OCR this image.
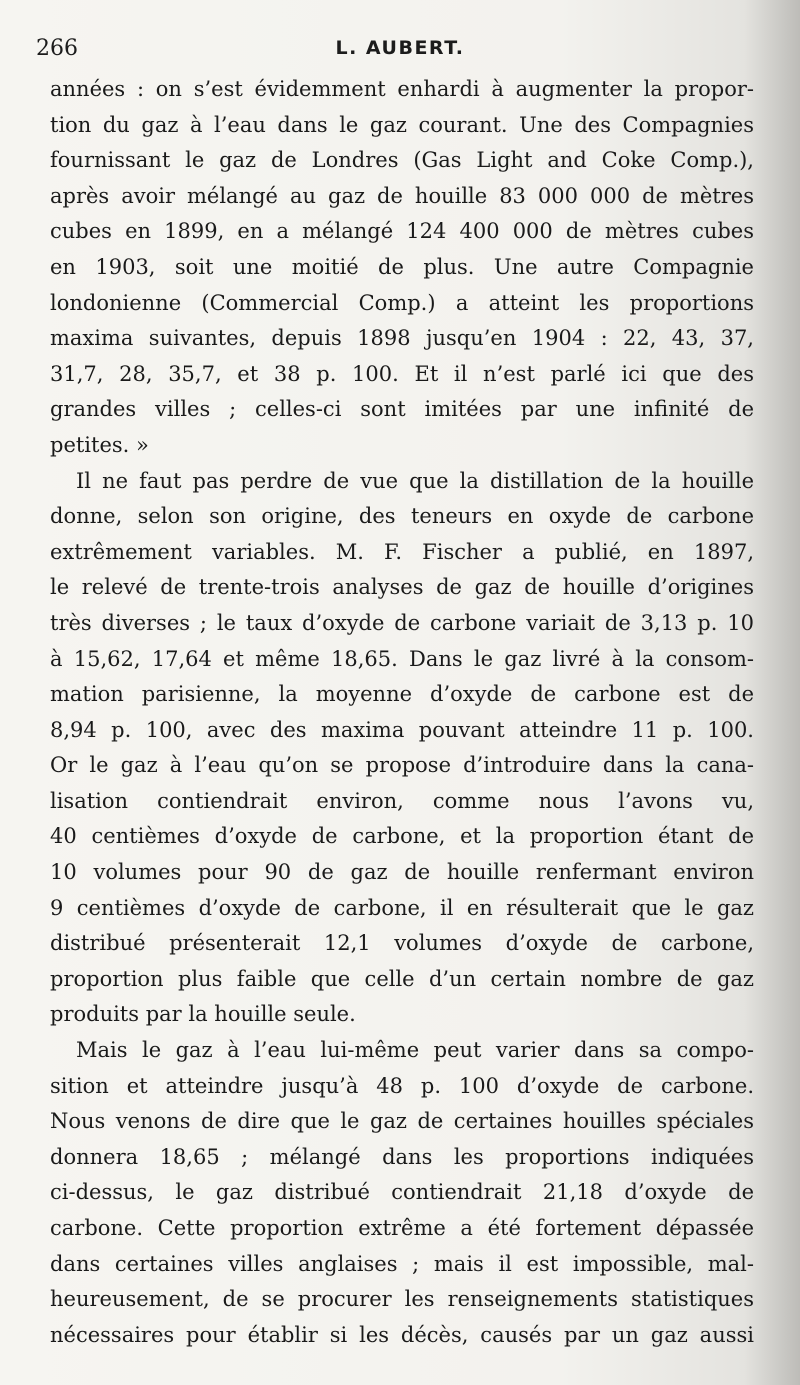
266	L. AUBERT.
années : on s’est évidemment enhardi à augmenter la propor-
tion du gaz à l’eau dans le gaz courant. Une des Compagnies
fournissant le gaz de Londres (Gas Light and Coke Comp.),
après avoir mélangé au gaz de houille 83 000 000 de mètres
cubes en 1899, en a mélangé 124 400 000 de mètres cubes
en 1903, soit une moitié de plus. Une autre Compagnie
londonienne (Commercial Comp.) a atteint les proportions
maxima suivantes, depuis 1898 jusqu’en 1904 : 22, 43, 37,
31,7, 28, 35,7, et 38 p. 100. Et il n’est parlé ici que des
grandes villes ; celles-ci sont imitées par une infinité de
petites. »
Il ne faut pas perdre de vue que la distillation de la houille
donne, selon son origine, des teneurs en oxyde de carbone
extrêmement variables. M. F. Fischer a publié, en 1897,
le relevé de trente-trois analyses de gaz de houille d’origines
très diverses ; le taux d’oxyde de carbone variait de 3,13 p. 10
à 15,62, 17,64 et même 18,65. Dans le gaz livré à la consom-
mation parisienne, la moyenne d’oxyde de carbone est de
8,94 p. 100, avec des maxima pouvant atteindre 11 p. 100.
Or le gaz à l’eau qu’on se propose d’introduire dans la cana-
lisation contiendrait environ, comme nous l’avons vu,
40 centièmes d’oxyde de carbone, et la proportion étant de
10 volumes pour 90 de gaz de houille renfermant environ
9 centièmes d’oxyde de carbone, il en résulterait que le gaz
distribué présenterait 12,1 volumes d’oxyde de carbone,
proportion plus faible que celle d’un certain nombre de gaz
produits par la houille seule.
Mais le gaz à l’eau lui-même peut varier dans sa compo-
sition et atteindre jusqu’à 48 p. 100 d’oxyde de carbone.
Nous venons de dire que le gaz de certaines houilles spéciales
donnera 18,65 ; mélangé dans les proportions indiquées
ci-dessus, le gaz distribué contiendrait 21,18 d’oxyde de
carbone. Cette proportion extrême a été fortement dépassée
dans certaines villes anglaises ; mais il est impossible, mal-
heureusement, de se procurer les renseignements statistiques
nécessaires pour établir si les décès, causés par un gaz aussi
